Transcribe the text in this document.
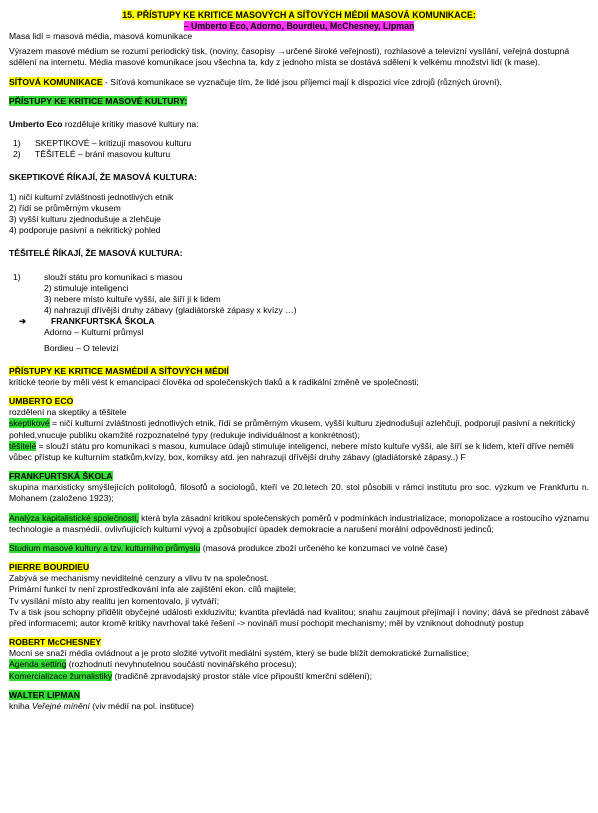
15. PŘÍSTUPY KE KRITICE MASOVÝCH A SÍŤOVÝCH MÉDIÍ MASOVÁ KOMUNIKACE:
– Umberto Eco, Adorno, Bourdieu, McChesney, Lipman

Masa lidí = masová média, masová komunikace

Výrazem masové médium se rozumí periodický tisk, (noviny, časopisy →určené široké veřejnosti), rozhlasové a televizní vysílání, veřejná dostupná sdělení na internetu. Média masové komunikace jsou všechna ta, kdy z jednoho místa se dostává sdělení k velkému množství lidí (k mase).

SÍŤOVÁ KOMUNIKACE - Síťová komunikace se vyznačuje tím, že lidé jsou příjemci mají k dispozici více zdrojů (různých úrovní).

PŘÍSTUPY KE KRITICE MASOVÉ KULTURY:

Umberto Eco rozděluje kritiky masové kultury na:

1)	SKEPTIKOVÉ – kritizují masovou kulturu
2)	TĚŠITELÉ – brání masovou kulturu

SKEPTIKOVÉ ŘÍKAJÍ, ŽE MASOVÁ KULTURA:

1) ničí kulturní zvláštnosti jednotlivých etnik

2) řídí se průměrným vkusem

3) vyšší kulturu zjednodušuje a zlehčuje

4) podporuje pasivní a nekritický pohled

TĚŠITELÉ ŘÍKAJÍ, ŽE MASOVÁ KULTURA:

1)	slouží státu pro komunikaci s masou

2) stimuluje inteligenci

3) nebere místo kultuře vyšší, ale šíří ji k lidem

4) nahrazují dřívější druhy zábavy (gladiátorské zápasy x kvízy …)

➔	FRANKFURTSKÁ ŠKOLA

Adorno – Kulturní průmysl

Bordieu – O televizi

PŘÍSTUPY KE KRITICE MASMÉDIÍ A SÍŤOVÝCH MÉDIÍ

kritické teorie by měli vést k emancipaci člověka od společenských tlaků a k radikální změně ve společnosti;

UMBERTO ECO

rozdělení na skeptiky a těšitele

skeptikové = ničí kulturní zvláštnosti jednotlivých etnik, řídí se průměrným vkusem, vyšší kulturu zjednodušují azlehčují, podporují pasivní a nekritický pohled,vnucuje publiku okamžité rozpoznatelné typy (redukuje individuálnost a konkrétnost);

těšitelé = slouží státu pro komunikaci s masou, kumulace údajů stimuluje inteligenci, nebere místo kultuře vyšší, ale šíří se k lidem, kteří dříve neměli vůbec přístup ke kulturním statkům,kvízy, box, komiksy atd. jen nahrazují dřívější druhy zábavy (gladiátorské zápasy..) F

FRANKFURTSKÁ ŠKOLA

skupina marxisticky smýšlejících politologů, filosofů a sociologů, kteří ve 20.letech 20. stol působili v rámci institutu pro soc. výzkum ve Frankfurtu n. Mohanem (založeno 1923);

Analýza kapitalistické společnosti, která byla zásadní kritikou společenských poměrů v podmínkách industrializace, monopolizace a rostoucího významu technologie a masmédií, ovlivňujících kulturní vývoj a způsobující úpadek demokracie a narušení morální odpovědnosti jedinců;

Studium masové kultury a tzv. kulturního průmyslu (masová produkce zboží určeného ke konzumaci ve volné čase)

PIERRE BOURDIEU

Zabývá se mechanismy neviditelné cenzury a vlivu tv na společnost.

Primární funkcí tv není zprostředkování infa ale zajištění ekon. cílů majitele;

Tv vysílání místo aby realitu jen komentovalo, ji vytváří;

Tv a tisk jsou schopny přidělit obyčejné události exkluzivitu; kvantita převládá nad kvalitou; snahu zaujmout přejímají i noviny; dává se přednost zábavě před informacemi; autor kromě kritiky navrhoval také řešení -> novináři musí pochopit mechanismy; měl by vzniknout dohodnutý postup

ROBERT McCHESNEY

Mocní se snaží média ovládnout a je proto složité vytvořit mediální systém, který se bude blížit demokratické žurnalistice;

Agenda setting (rozhodnutí nevyhnutelnou součástí novinářského procesu);

Komercializace žurnalistiky (tradičně zpravodajský prostor stále více připouští kmerční sdělení);

WALTER LIPMAN

kniha Veřejné mínění (viv médií na pol. instituce)
